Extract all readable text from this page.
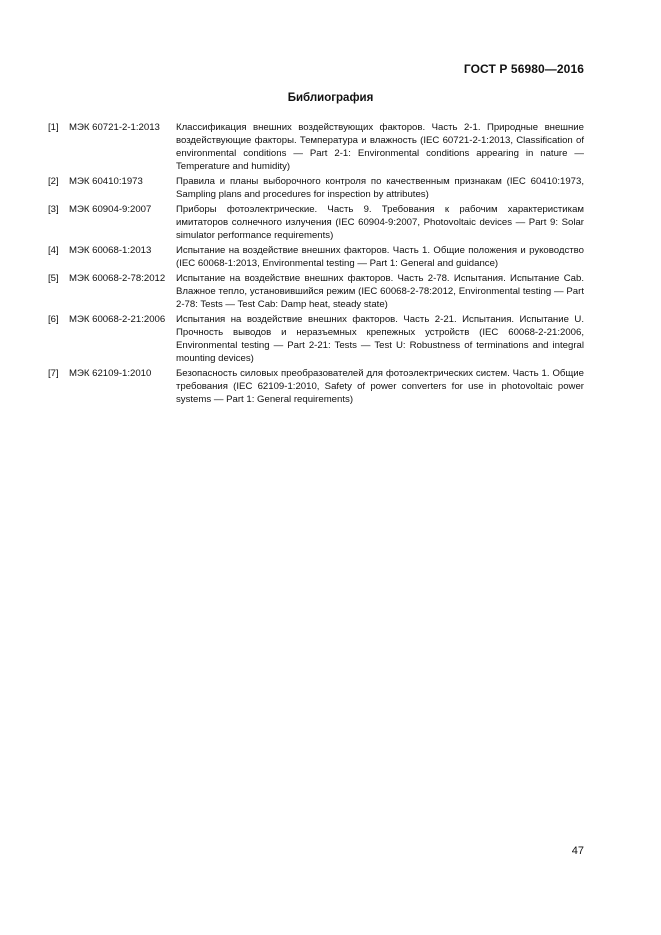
ГОСТ Р 56980—2016
Библиография
[1]	МЭК 60721-2-1:2013	Классификация внешних воздействующих факторов. Часть 2-1. Природные внешние воздействующие факторы. Температура и влажность (IEC 60721-2-1:2013, Classification of environmental conditions — Part 2-1: Environmental conditions appearing in nature — Temperature and humidity)
[2]	МЭК 60410:1973	Правила и планы выборочного контроля по качественным признакам (IEC 60410:1973, Sampling plans and procedures for inspection by attributes)
[3]	МЭК 60904-9:2007	Приборы фотоэлектрические. Часть 9. Требования к рабочим характеристикам имитаторов солнечного излучения (IEC 60904-9:2007, Photovoltaic devices — Part 9: Solar simulator performance requirements)
[4]	МЭК 60068-1:2013	Испытание на воздействие внешних факторов. Часть 1. Общие положения и руководство (IEC 60068-1:2013, Environmental testing — Part 1: General and guidance)
[5]	МЭК 60068-2-78:2012	Испытание на воздействие внешних факторов. Часть 2-78. Испытания. Испытание Cab. Влажное тепло, установившийся режим (IEC 60068-2-78:2012, Environmental testing — Part 2-78: Tests — Test Cab: Damp heat, steady state)
[6]	МЭК 60068-2-21:2006	Испытания на воздействие внешних факторов. Часть 2-21. Испытания. Испытание U. Прочность выводов и неразъемных крепежных устройств (IEC 60068-2-21:2006, Environmental testing — Part 2-21: Tests — Test U: Robustness of terminations and integral mounting devices)
[7]	МЭК 62109-1:2010	Безопасность силовых преобразователей для фотоэлектрических систем. Часть 1. Общие требования (IEC 62109-1:2010, Safety of power converters for use in photovoltaic power systems — Part 1: General requirements)
47
